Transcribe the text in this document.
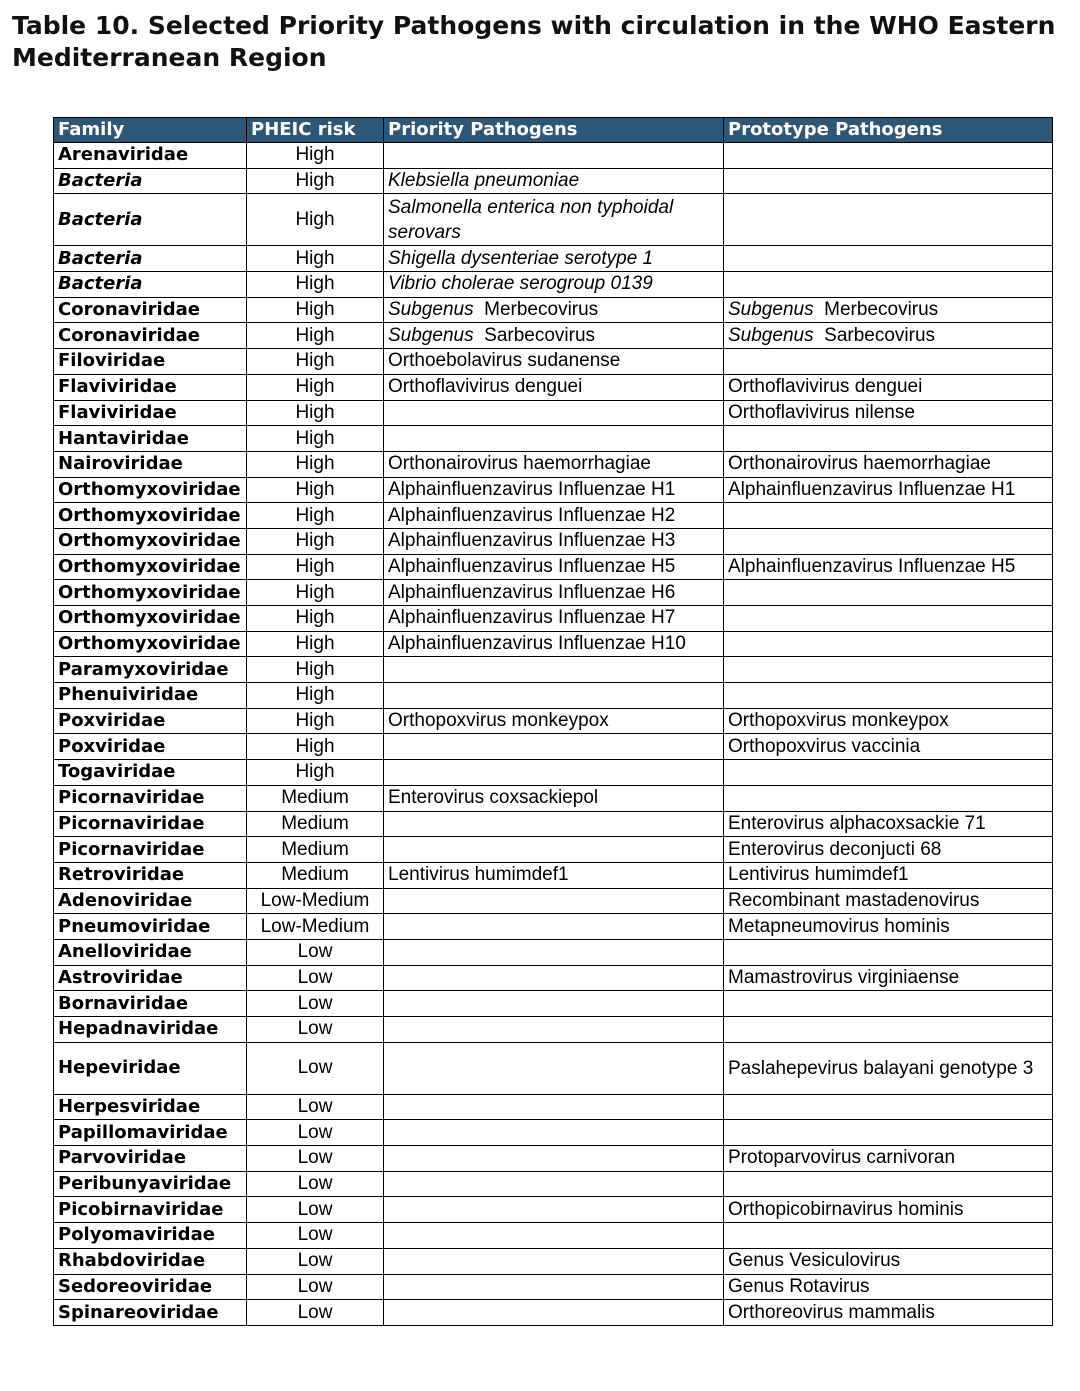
Table 10. Selected Priority Pathogens with circulation in the WHO Eastern Mediterranean Region
Family	PHEIC risk	Priority Pathogens	Prototype Pathogens
Arenaviridae	High		
Bacteria	High	Klebsiella pneumoniae	
Bacteria	High	Salmonella enterica non typhoidal serovars	
Bacteria	High	Shigella dysenteriae serotype 1	
Bacteria	High	Vibrio cholerae serogroup 0139	
Coronaviridae	High	Subgenus Merbecovirus	Subgenus Merbecovirus
Coronaviridae	High	Subgenus Sarbecovirus	Subgenus Sarbecovirus
Filoviridae	High	Orthoebolavirus sudanense	
Flaviviridae	High	Orthoflavivirus denguei	Orthoflavivirus denguei
Flaviviridae	High		Orthoflavivirus nilense
Hantaviridae	High		
Nairoviridae	High	Orthonairovirus haemorrhagiae	Orthonairovirus haemorrhagiae
Orthomyxoviridae	High	Alphainfluenzavirus Influenzae H1	Alphainfluenzavirus Influenzae H1
Orthomyxoviridae	High	Alphainfluenzavirus Influenzae H2	
Orthomyxoviridae	High	Alphainfluenzavirus Influenzae H3	
Orthomyxoviridae	High	Alphainfluenzavirus Influenzae H5	Alphainfluenzavirus Influenzae H5
Orthomyxoviridae	High	Alphainfluenzavirus Influenzae H6	
Orthomyxoviridae	High	Alphainfluenzavirus Influenzae H7	
Orthomyxoviridae	High	Alphainfluenzavirus Influenzae H10	
Paramyxoviridae	High		
Phenuiviridae	High		
Poxviridae	High	Orthopoxvirus monkeypox	Orthopoxvirus monkeypox
Poxviridae	High		Orthopoxvirus vaccinia
Togaviridae	High		
Picornaviridae	Medium	Enterovirus coxsackiepol	
Picornaviridae	Medium		Enterovirus alphacoxsackie 71
Picornaviridae	Medium		Enterovirus deconjucti 68
Retroviridae	Medium	Lentivirus humimdef1	Lentivirus humimdef1
Adenoviridae	Low-Medium		Recombinant mastadenovirus
Pneumoviridae	Low-Medium		Metapneumovirus hominis
Anelloviridae	Low		
Astroviridae	Low		Mamastrovirus virginiaense
Bornaviridae	Low		
Hepadnaviridae	Low		
Hepeviridae	Low		Paslahepevirus balayani genotype 3
Herpesviridae	Low		
Papillomaviridae	Low		
Parvoviridae	Low		Protoparvovirus carnivoran
Peribunyaviridae	Low		
Picobirnaviridae	Low		Orthopicobirnavirus hominis
Polyomaviridae	Low		
Rhabdoviridae	Low		Genus Vesiculovirus
Sedoreoviridae	Low		Genus Rotavirus
Spinareoviridae	Low		Orthoreovirus mammalis
